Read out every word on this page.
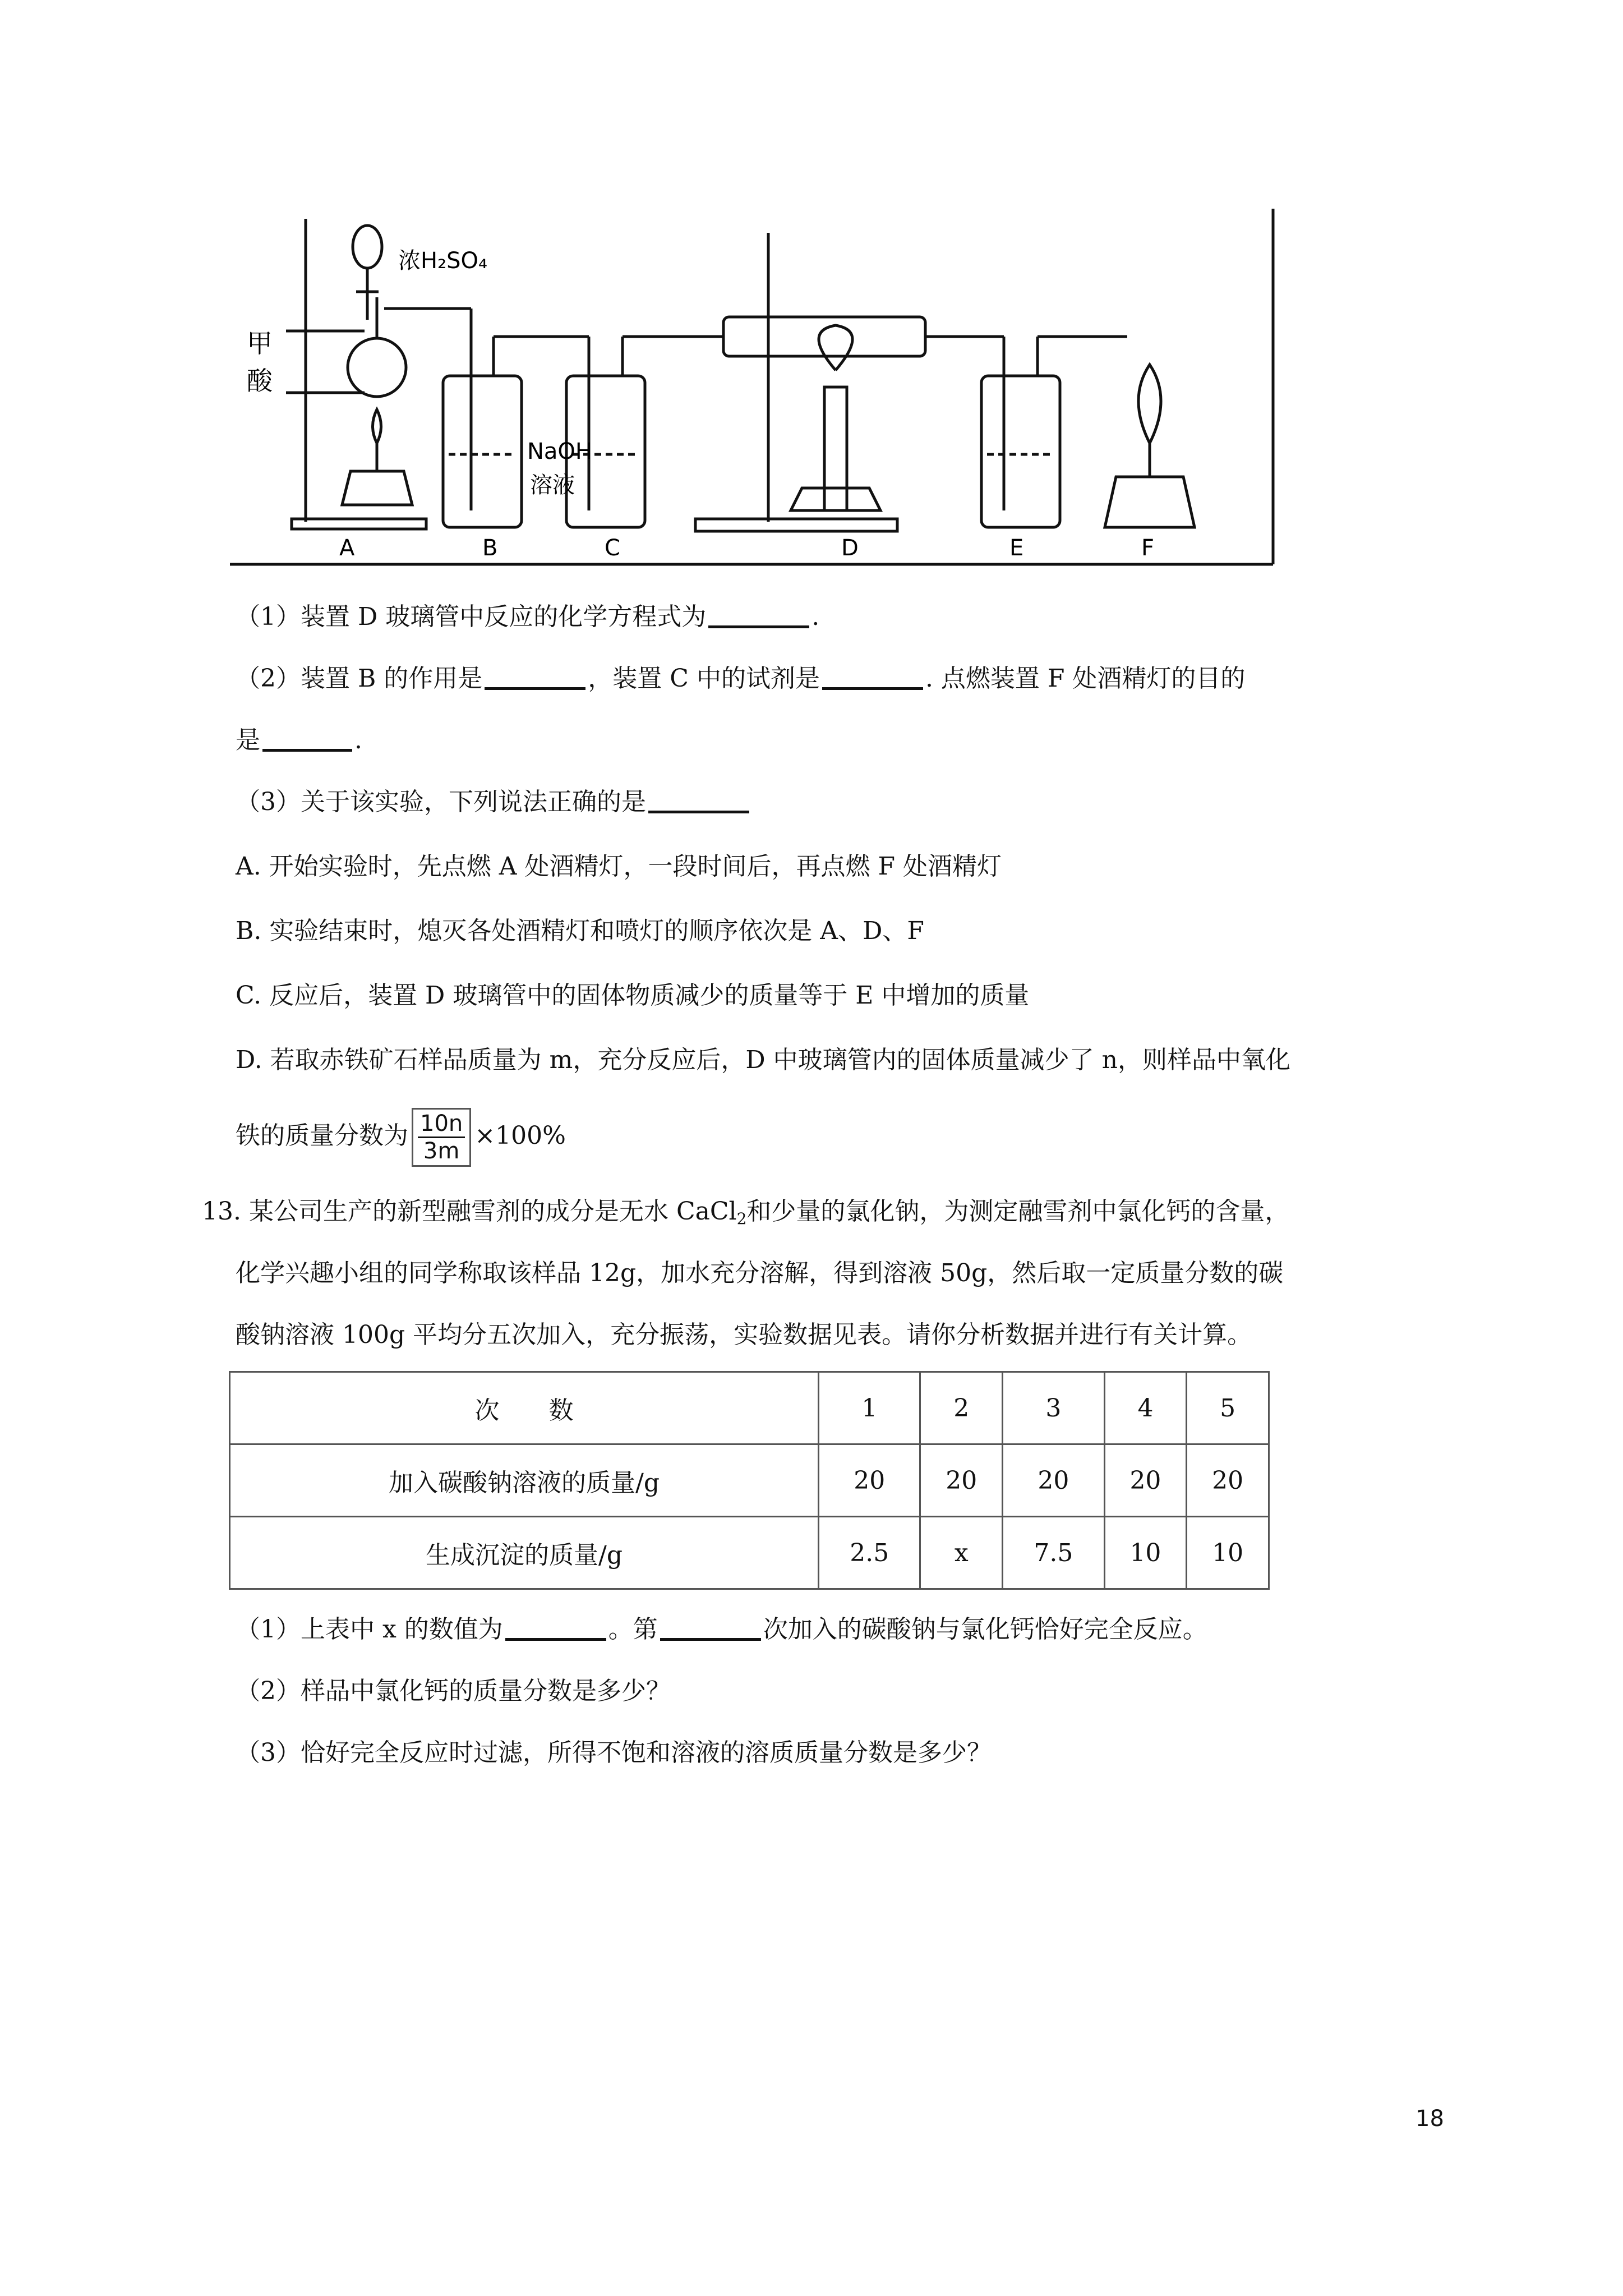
浓H₂SO₄
甲
酸
NaOH
溶液
A	B	C	D	E	F
（1）装置 D 玻璃管中反应的化学方程式为	.
（2）装置 B 的作用是	，装置 C 中的试剂是	. 点燃装置 F 处酒精灯的目的
是	.
（3）关于该实验，下列说法正确的是
A. 开始实验时，先点燃 A 处酒精灯，一段时间后，再点燃 F 处酒精灯
B. 实验结束时，熄灭各处酒精灯和喷灯的顺序依次是 A、D、F
C. 反应后，装置 D 玻璃管中的固体物质减少的质量等于 E 中增加的质量
D. 若取赤铁矿石样品质量为 m，充分反应后，D 中玻璃管内的固体质量减少了 n，则样品中氧化
铁的质量分数为 $\frac{10n}{3m} \times 100\%$
13. 某公司生产的新型融雪剂的成分是无水 CaCl$_2$和少量的氯化钠，为测定融雪剂中氯化钙的含量，
化学兴趣小组的同学称取该样品 12g，加水充分溶解，得到溶液 50g，然后取一定质量分数的碳
酸钠溶液 100g 平均分五次加入，充分振荡，实验数据见表。请你分析数据并进行有关计算。
次　　数	1	2	3	4	5
加入碳酸钠溶液的质量/g	20	20	20	20	20
生成沉淀的质量/g	2.5	x	7.5	10	10
（1）上表中 x 的数值为	。第	次加入的碳酸钠与氯化钙恰好完全反应。
（2）样品中氯化钙的质量分数是多少？
（3）恰好完全反应时过滤，所得不饱和溶液的溶质质量分数是多少？
18
